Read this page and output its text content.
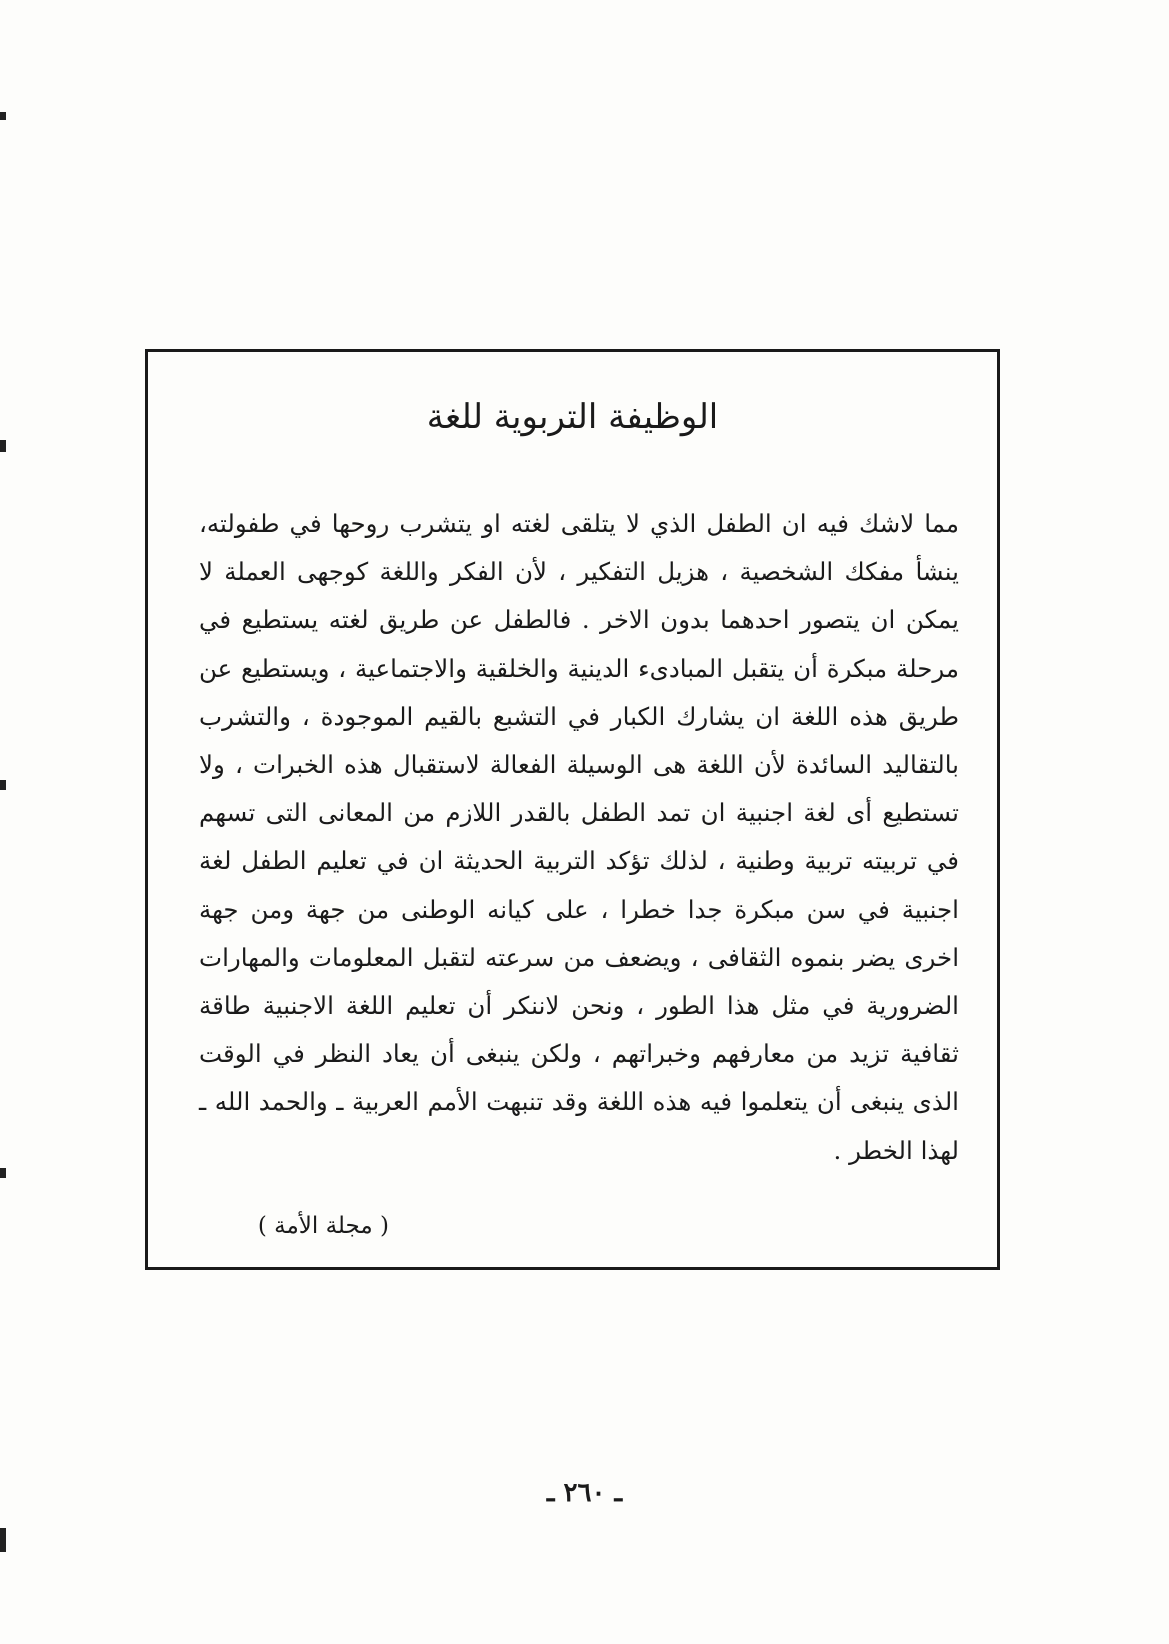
الوظيفة التربوية للغة

مما لاشك فيه ان الطفل الذي لا يتلقى لغته او يتشرب روحها في طفولته، ينشأ مفكك الشخصية ، هزيل التفكير ، لأن الفكر واللغة كوجهى العملة لا يمكن ان يتصور احدهما بدون الاخر . فالطفل عن طريق لغته يستطيع في مرحلة مبكرة أن يتقبل المبادىء الدينية والخلقية والاجتماعية ، ويستطيع عن طريق هذه اللغة ان يشارك الكبار في التشبع بالقيم الموجودة ، والتشرب بالتقاليد السائدة لأن اللغة هى الوسيلة الفعالة لاستقبال هذه الخبرات ، ولا تستطيع أى لغة اجنبية ان تمد الطفل بالقدر اللازم من المعانى التى تسهم في تربيته تربية وطنية ، لذلك تؤكد التربية الحديثة ان في تعليم الطفل لغة اجنبية في سن مبكرة جدا خطرا ، على كيانه الوطنى من جهة ومن جهة اخرى يضر بنموه الثقافى ، ويضعف من سرعته لتقبل المعلومات والمهارات الضرورية في مثل هذا الطور ، ونحن لاننكر أن تعليم اللغة الاجنبية طاقة ثقافية تزيد من معارفهم وخبراتهم ، ولكن ينبغى أن يعاد النظر في الوقت الذى ينبغى أن يتعلموا فيه هذه اللغة وقد تنبهت الأمم العربية ـ والحمد الله ـ لهذا الخطر .

( مجلة الأمة )
ـ ٢٦٠ ـ
